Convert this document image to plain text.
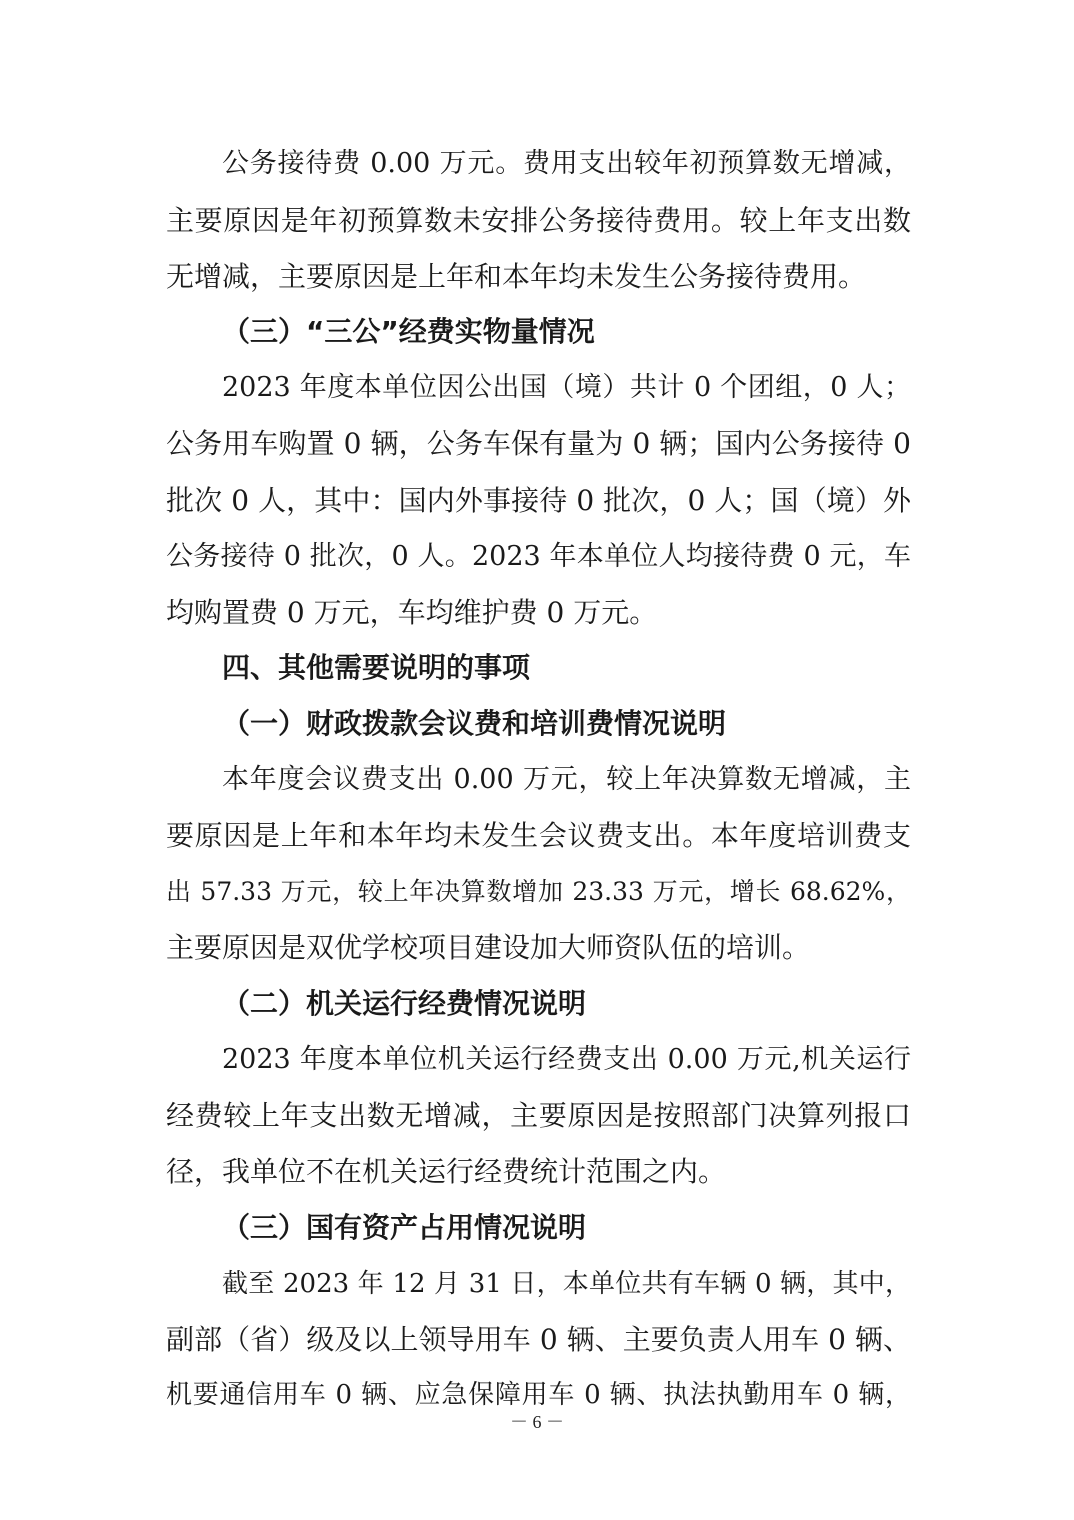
公务接待费 0.00 万元。费用支出较年初预算数无增减，
主要原因是年初预算数未安排公务接待费用。较上年支出数
无增减，主要原因是上年和本年均未发生公务接待费用。
（三）“三公”经费实物量情况
2023 年度本单位因公出国（境）共计 0 个团组，0 人；
公务用车购置 0 辆，公务车保有量为 0 辆；国内公务接待 0
批次 0 人，其中：国内外事接待 0 批次，0 人；国（境）外
公务接待 0 批次，0 人。2023 年本单位人均接待费 0 元，车
均购置费 0 万元，车均维护费 0 万元。
四、其他需要说明的事项
（一）财政拨款会议费和培训费情况说明
本年度会议费支出 0.00 万元，较上年决算数无增减，主
要原因是上年和本年均未发生会议费支出。本年度培训费支
出 57.33 万元，较上年决算数增加 23.33 万元，增长 68.62%，
主要原因是双优学校项目建设加大师资队伍的培训。
（二）机关运行经费情况说明
2023 年度本单位机关运行经费支出 0.00 万元,机关运行
经费较上年支出数无增减，主要原因是按照部门决算列报口
径，我单位不在机关运行经费统计范围之内。
（三）国有资产占用情况说明
截至 2023 年 12 月 31 日，本单位共有车辆 0 辆，其中，
副部（省）级及以上领导用车 0 辆、主要负责人用车 0 辆、
机要通信用车 0 辆、应急保障用车 0 辆、执法执勤用车 0 辆，
－ 6 －
